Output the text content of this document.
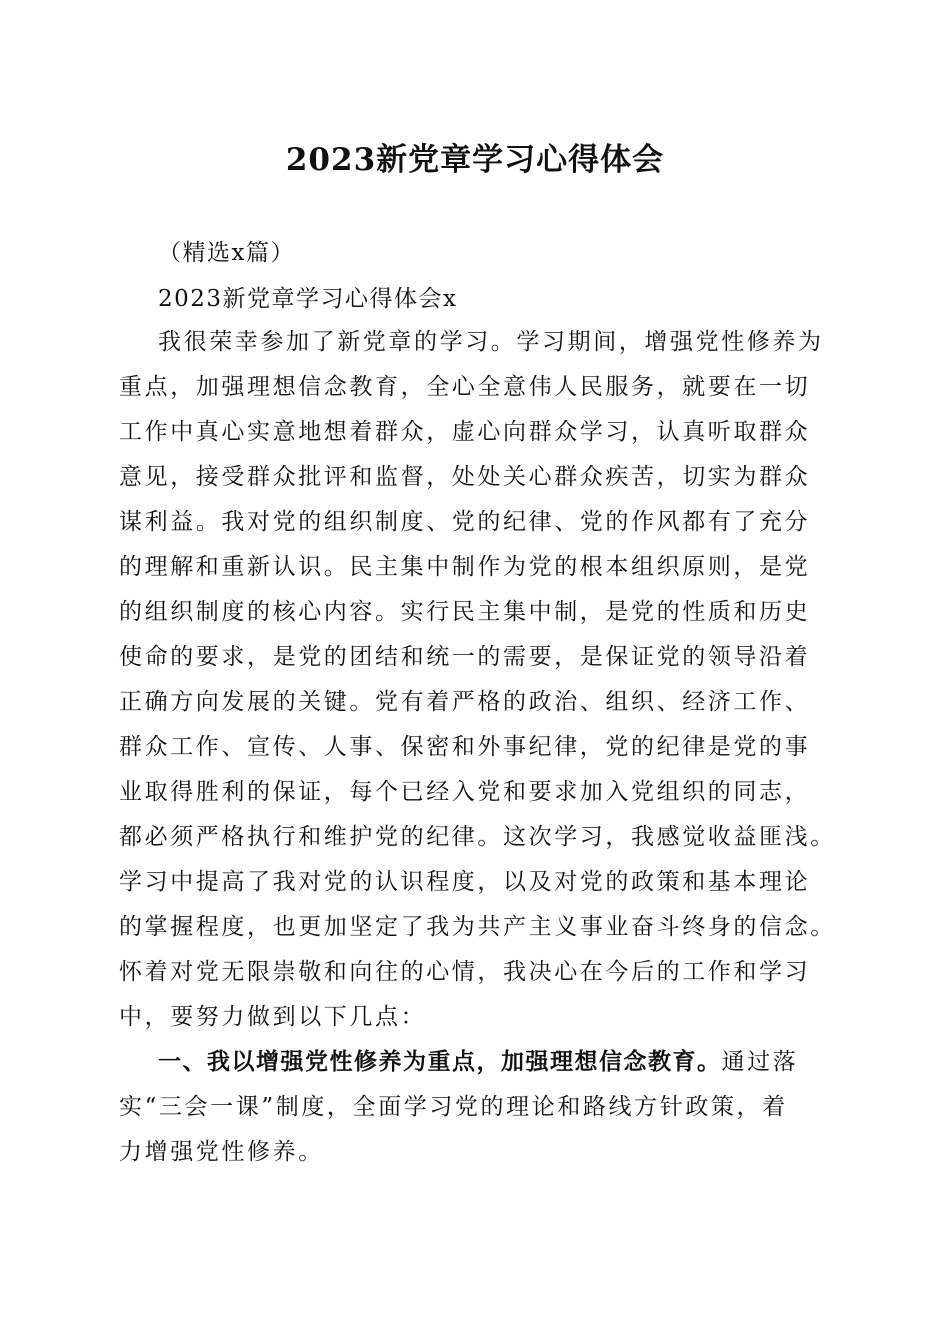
2023新党章学习心得体会
（精选x篇）
2023新党章学习心得体会x
我很荣幸参加了新党章的学习。学习期间，增强党性修养为
重点，加强理想信念教育，全心全意伟人民服务，就要在一切
工作中真心实意地想着群众，虚心向群众学习，认真听取群众
意见，接受群众批评和监督，处处关心群众疾苦，切实为群众
谋利益。我对党的组织制度、党的纪律、党的作风都有了充分
的理解和重新认识。民主集中制作为党的根本组织原则，是党
的组织制度的核心内容。实行民主集中制，是党的性质和历史
使命的要求，是党的团结和统一的需要，是保证党的领导沿着
正确方向发展的关键。党有着严格的政治、组织、经济工作、
群众工作、宣传、人事、保密和外事纪律，党的纪律是党的事
业取得胜利的保证，每个已经入党和要求加入党组织的同志，
都必须严格执行和维护党的纪律。这次学习，我感觉收益匪浅。
学习中提高了我对党的认识程度，以及对党的政策和基本理论
的掌握程度，也更加坚定了我为共产主义事业奋斗终身的信念。
怀着对党无限崇敬和向往的心情，我决心在今后的工作和学习
中，要努力做到以下几点：
一、我以增强党性修养为重点，加强理想信念教育。通过落
实“三会一课”制度，全面学习党的理论和路线方针政策，着
力增强党性修养。
